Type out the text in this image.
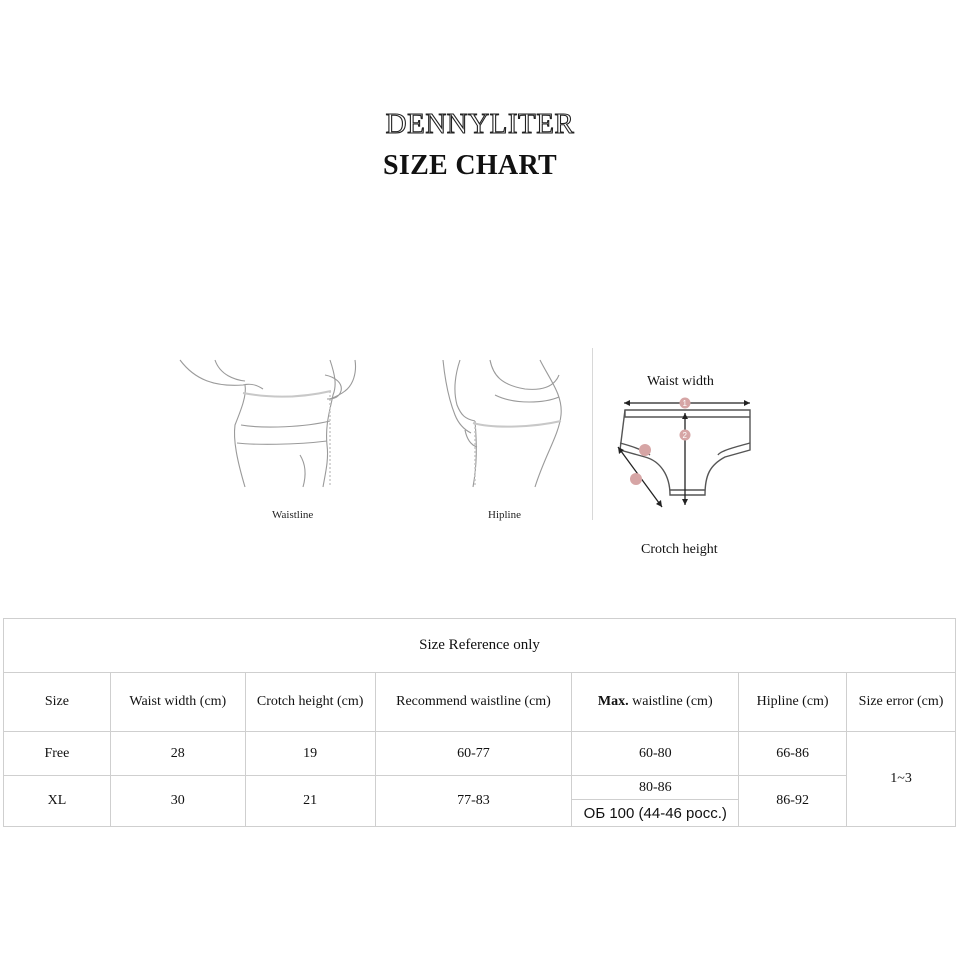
DENNYLITER
SIZE CHART
Waistline	Hipline
Waist width
1
2
Crotch height
Size Reference only						
Size	Waist width (cm)	Crotch height (cm)	Recommend waistline (cm)	Max. waistline (cm)	Hipline (cm)	Size error (cm)
Free	28	19	60-77	60-80	66-86	1~3
XL	30	21	77-83	80-86	86-92	
				ОБ 100 (44-46 росс.)		
